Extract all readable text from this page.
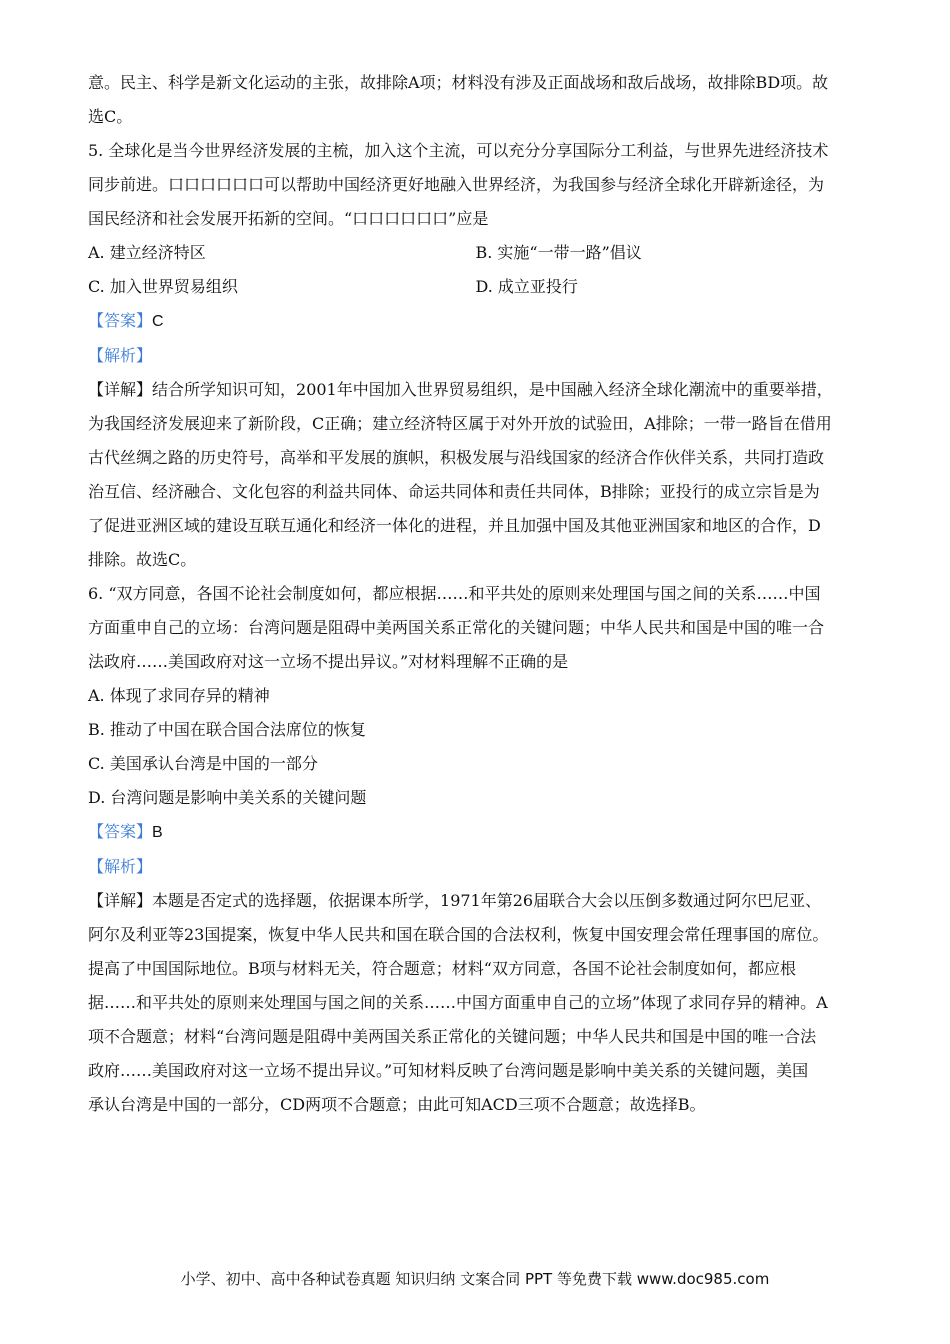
意。民主、科学是新文化运动的主张，故排除A项；材料没有涉及正面战场和敌后战场，故排除BD项。故

选C。

5. 全球化是当今世界经济发展的主梳，加入这个主流，可以充分分享国际分工利益，与世界先进经济技术

同步前进。口口口口口口可以帮助中国经济更好地融入世界经济，为我国参与经济全球化开辟新途径，为

国民经济和社会发展开拓新的空间。“口口口口口口”应是

A. 建立经济特区	B. 实施“一带一路”倡议
C. 加入世界贸易组织	D. 成立亚投行

【答案】C

【解析】

【详解】结合所学知识可知，2001年中国加入世界贸易组织，是中国融入经济全球化潮流中的重要举措，

为我国经济发展迎来了新阶段，C正确；建立经济特区属于对外开放的试验田，A排除；一带一路旨在借用

古代丝绸之路的历史符号，高举和平发展的旗帜，积极发展与沿线国家的经济合作伙伴关系，共同打造政

治互信、经济融合、文化包容的利益共同体、命运共同体和责任共同体，B排除；亚投行的成立宗旨是为

了促进亚洲区域的建设互联互通化和经济一体化的进程，并且加强中国及其他亚洲国家和地区的合作，D

排除。故选C。

6. “双方同意，各国不论社会制度如何，都应根据……和平共处的原则来处理国与国之间的关系……中国

方面重申自己的立场：台湾问题是阻碍中美两国关系正常化的关键问题；中华人民共和国是中国的唯一合

法政府……美国政府对这一立场不提出异议。”对材料理解不正确的是

A. 体现了求同存异的精神

B. 推动了中国在联合国合法席位的恢复

C. 美国承认台湾是中国的一部分

D. 台湾问题是影响中美关系的关键问题

【答案】B

【解析】

【详解】本题是否定式的选择题，依据课本所学，1971年第26届联合大会以压倒多数通过阿尔巴尼亚、

阿尔及利亚等23国提案，恢复中华人民共和国在联合国的合法权利，恢复中国安理会常任理事国的席位。

提高了中国国际地位。B项与材料无关，符合题意；材料“双方同意，各国不论社会制度如何，都应根

据……和平共处的原则来处理国与国之间的关系……中国方面重申自己的立场”体现了求同存异的精神。A

项不合题意；材料“台湾问题是阻碍中美两国关系正常化的关键问题；中华人民共和国是中国的唯一合法

政府……美国政府对这一立场不提出异议。”可知材料反映了台湾问题是影响中美关系的关键问题，美国

承认台湾是中国的一部分，CD两项不合题意；由此可知ACD三项不合题意；故选择B。

小学、初中、高中各种试卷真题 知识归纳 文案合同 PPT 等免费下载 www.doc985.com
